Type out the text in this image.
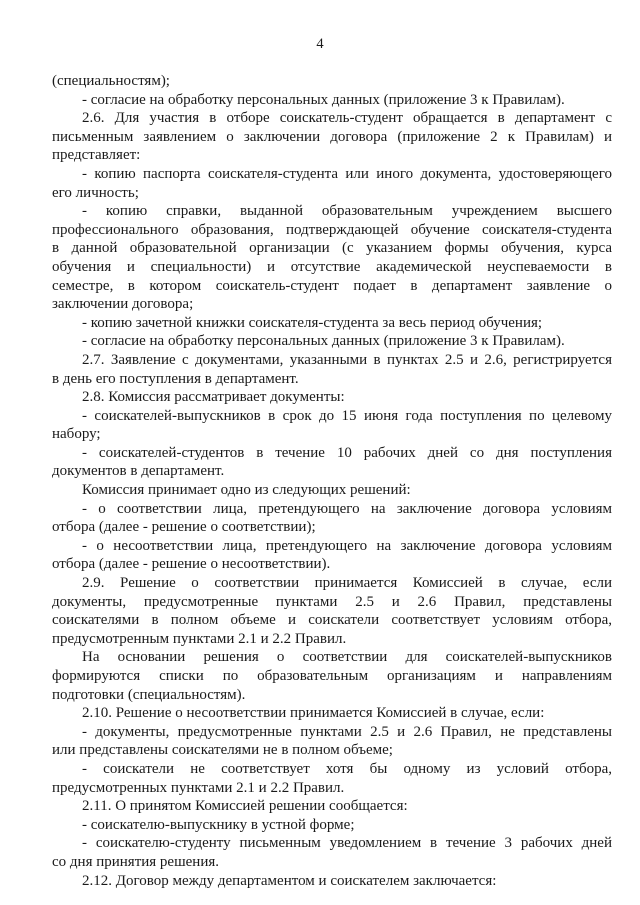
4
(специальностям);
- согласие на обработку персональных данных (приложение 3 к Правилам).
2.6. Для участия в отборе соискатель-студент обращается в департамент с
письменным заявлением о заключении договора (приложение 2 к Правилам) и
представляет:
- копию паспорта соискателя-студента или иного документа, удостоверяющего
его личность;
- копию справки, выданной образовательным учреждением высшего
профессионального образования, подтверждающей обучение соискателя-студента
в данной образовательной организации (с указанием формы обучения, курса
обучения и специальности) и отсутствие академической неуспеваемости в
семестре, в котором соискатель-студент подает в департамент заявление о
заключении договора;
- копию зачетной книжки соискателя-студента за весь период обучения;
- согласие на обработку персональных данных (приложение 3 к Правилам).
2.7. Заявление с документами, указанными в пунктах 2.5 и 2.6, регистрируется
в день его поступления в департамент.
2.8. Комиссия рассматривает документы:
- соискателей-выпускников в срок до 15 июня года поступления по целевому
набору;
- соискателей-студентов в течение 10 рабочих дней со дня поступления
документов в департамент.
Комиссия принимает одно из следующих решений:
- о соответствии лица, претендующего на заключение договора условиям
отбора (далее - решение о соответствии);
- о несоответствии лица, претендующего на заключение договора условиям
отбора (далее - решение о несоответствии).
2.9. Решение о соответствии принимается Комиссией в случае, если
документы, предусмотренные пунктами 2.5 и 2.6 Правил, представлены
соискателями в полном объеме и соискатели соответствует условиям отбора,
предусмотренным пунктами 2.1 и 2.2 Правил.
На основании решения о соответствии для соискателей-выпускников
формируются списки по образовательным организациям и направлениям
подготовки (специальностям).
2.10. Решение о несоответствии принимается Комиссией в случае, если:
- документы, предусмотренные пунктами 2.5 и 2.6 Правил, не представлены
или представлены соискателями не в полном объеме;
- соискатели не соответствует хотя бы одному из условий отбора,
предусмотренных пунктами 2.1 и 2.2 Правил.
2.11. О принятом Комиссией решении сообщается:
- соискателю-выпускнику в устной форме;
- соискателю-студенту письменным уведомлением в течение 3 рабочих дней
со дня принятия решения.
2.12. Договор между департаментом и соискателем заключается:
